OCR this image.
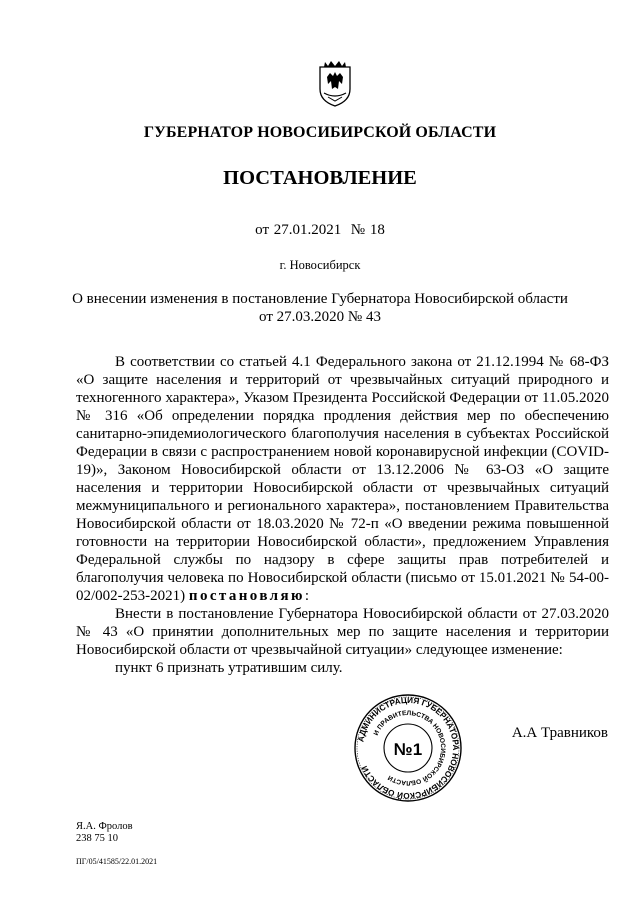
ГУБЕРНАТОР НОВОСИБИРСКОЙ ОБЛАСТИ
ПОСТАНОВЛЕНИЕ
от 27.01.2021  № 18
г. Новосибирск
О внесении изменения в постановление Губернатора Новосибирской области
от 27.03.2020 № 43

В соответствии со статьей 4.1 Федерального закона от 21.12.1994 № 68-ФЗ «О защите населения и территорий от чрезвычайных ситуаций природного и техногенного характера», Указом Президента Российской Федерации от 11.05.2020 № 316 «Об определении порядка продления действия мер по обеспечению санитарно-эпидемиологического благополучия населения в субъектах Российской Федерации в связи с распространением новой коронавирусной инфекции (COVID-19)», Законом Новосибирской области от 13.12.2006 № 63-ОЗ «О защите населения и территории Новосибирской области от чрезвычайных ситуаций межмуниципального и регионального характера», постановлением Правительства Новосибирской области от 18.03.2020 № 72-п «О введении режима повышенной готовности на территории Новосибирской области», предложением Управления Федеральной службы по надзору в сфере защиты прав потребителей и благополучия человека по Новосибирской области (письмо от 15.01.2021 № 54-00-02/002-253-2021) постановляю:

Внести в постановление Губернатора Новосибирской области от 27.03.2020 № 43 «О принятии дополнительных мер по защите населения и территории Новосибирской области от чрезвычайной ситуации» следующее изменение:

пункт 6 признать утратившим силу.

АДМИНИСТРАЦИЯ ГУБЕРНАТОРА НОВОСИБИРСКОЙ ОБЛАСТИ
И ПРАВИТЕЛЬСТВА НОВОСИБИРСКОЙ ОБЛАСТИ
№1
А.А Травников
Я.А. Фролов
238 75 10
ПГ/05/41585/22.01.2021
